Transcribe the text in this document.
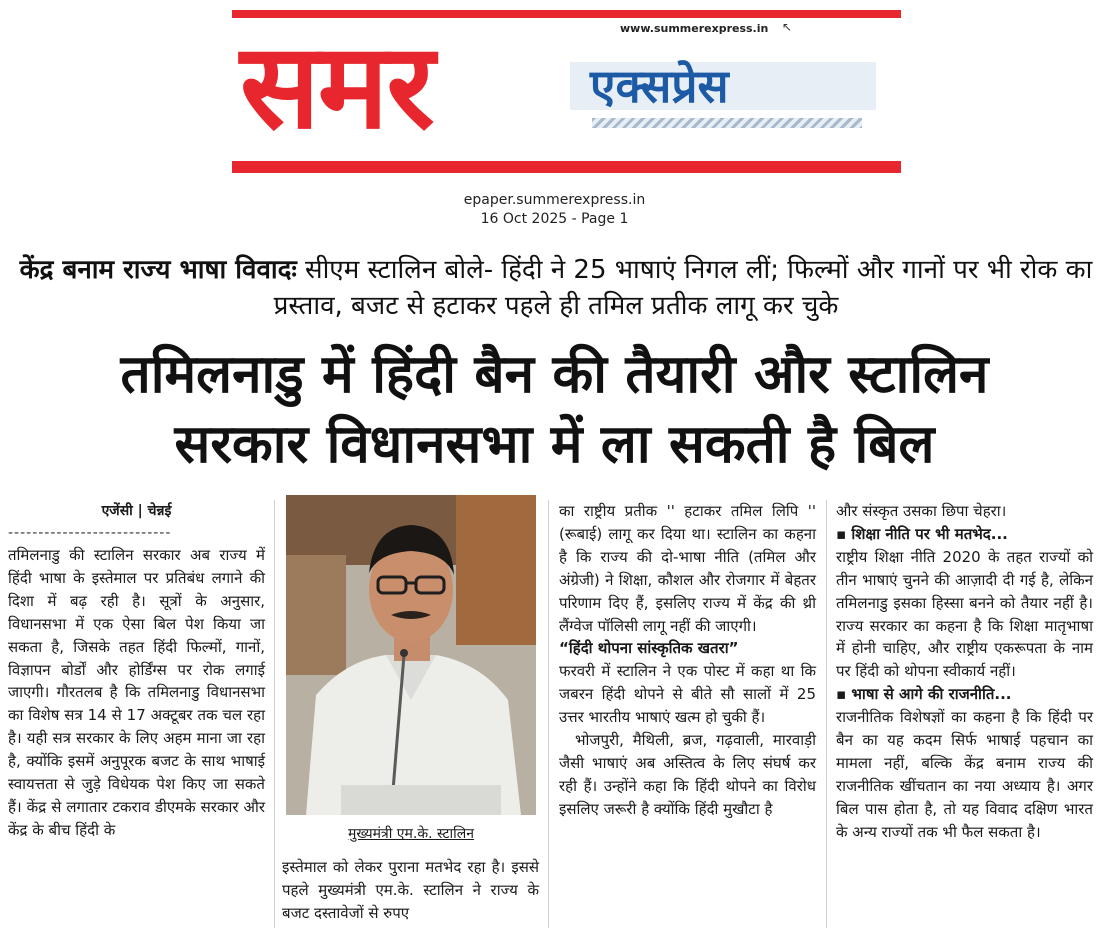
समर	www.summerexpress.in ↖
एक्सप्रेस
epaper.summerexpress.in
16 Oct 2025 - Page 1
केंद्र बनाम राज्य भाषा विवादः सीएम स्टालिन बोले- हिंदी ने 25 भाषाएं निगल लीं; फिल्मों और गानों पर भी रोक का प्रस्ताव, बजट से हटाकर पहले ही तमिल प्रतीक लागू कर चुके
तमिलनाडु में हिंदी बैन की तैयारी और स्टालिन
सरकार विधानसभा में ला सकती है बिल
एजेंसी | चेन्नई
---------------------------

तमिलनाडु की स्टालिन सरकार अब राज्य में हिंदी भाषा के इस्तेमाल पर प्रतिबंध लगाने की दिशा में बढ़ रही है। सूत्रों के अनुसार, विधानसभा में एक ऐसा बिल पेश किया जा सकता है, जिसके तहत हिंदी फिल्मों, गानों, विज्ञापन बोर्डों और होर्डिंग्स पर रोक लगाई जाएगी। गौरतलब है कि तमिलनाडु विधानसभा का विशेष सत्र 14 से 17 अक्टूबर तक चल रहा है। यही सत्र सरकार के लिए अहम माना जा रहा है, क्योंकि इसमें अनुपूरक बजट के साथ भाषाई स्वायत्तता से जुड़े विधेयक पेश किए जा सकते हैं। केंद्र से लगातार टकराव डीएमके सरकार और केंद्र के बीच हिंदी के	मुख्यमंत्री एम.के. स्टालिन

इस्तेमाल को लेकर पुराना मतभेद रहा है। इससे पहले मुख्यमंत्री एम.के. स्टालिन ने राज्य के बजट दस्तावेजों से रुपए

का राष्ट्रीय प्रतीक '' हटाकर तमिल लिपि '' (रूबाई) लागू कर दिया था। स्टालिन का कहना है कि राज्य की दो-भाषा नीति (तमिल और अंग्रेजी) ने शिक्षा, कौशल और रोजगार में बेहतर परिणाम दिए हैं, इसलिए राज्य में केंद्र की थ्री लैंग्वेज पॉलिसी लागू नहीं की जाएगी।

“हिंदी थोपना सांस्कृतिक खतरा”

फरवरी में स्टालिन ने एक पोस्ट में कहा था कि जबरन हिंदी थोपने से बीते सौ सालों में 25 उत्तर भारतीय भाषाएं खत्म हो चुकी हैं।

भोजपुरी, मैथिली, ब्रज, गढ़वाली, मारवाड़ी जैसी भाषाएं अब अस्तित्व के लिए संघर्ष कर रही हैं। उन्होंने कहा कि हिंदी थोपने का विरोध इसलिए जरूरी है क्योंकि हिंदी मुखौटा है

और संस्कृत उसका छिपा चेहरा।

▪ शिक्षा नीति पर भी मतभेद...

राष्ट्रीय शिक्षा नीति 2020 के तहत राज्यों को तीन भाषाएं चुनने की आज़ादी दी गई है, लेकिन तमिलनाडु इसका हिस्सा बनने को तैयार नहीं है। राज्य सरकार का कहना है कि शिक्षा मातृभाषा में होनी चाहिए, और राष्ट्रीय एकरूपता के नाम पर हिंदी को थोपना स्वीकार्य नहीं।

▪ भाषा से आगे की राजनीति...

राजनीतिक विशेषज्ञों का कहना है कि हिंदी पर बैन का यह कदम सिर्फ भाषाई पहचान का मामला नहीं, बल्कि केंद्र बनाम राज्य की राजनीतिक खींचतान का नया अध्याय है। अगर बिल पास होता है, तो यह विवाद दक्षिण भारत के अन्य राज्यों तक भी फैल सकता है।
